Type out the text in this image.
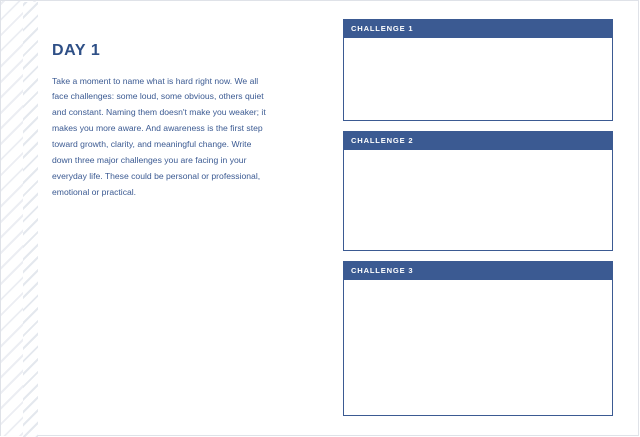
DAY 1

Take a moment to name what is hard right now. We all face challenges: some loud, some obvious, others quiet and constant. Naming them doesn't make you weaker; it makes you more aware. And awareness is the first step toward growth, clarity, and meaningful change. Write down three major challenges you are facing in your everyday life. These could be personal or professional, emotional or practical.

CHALLENGE 1
CHALLENGE 2
CHALLENGE 3
